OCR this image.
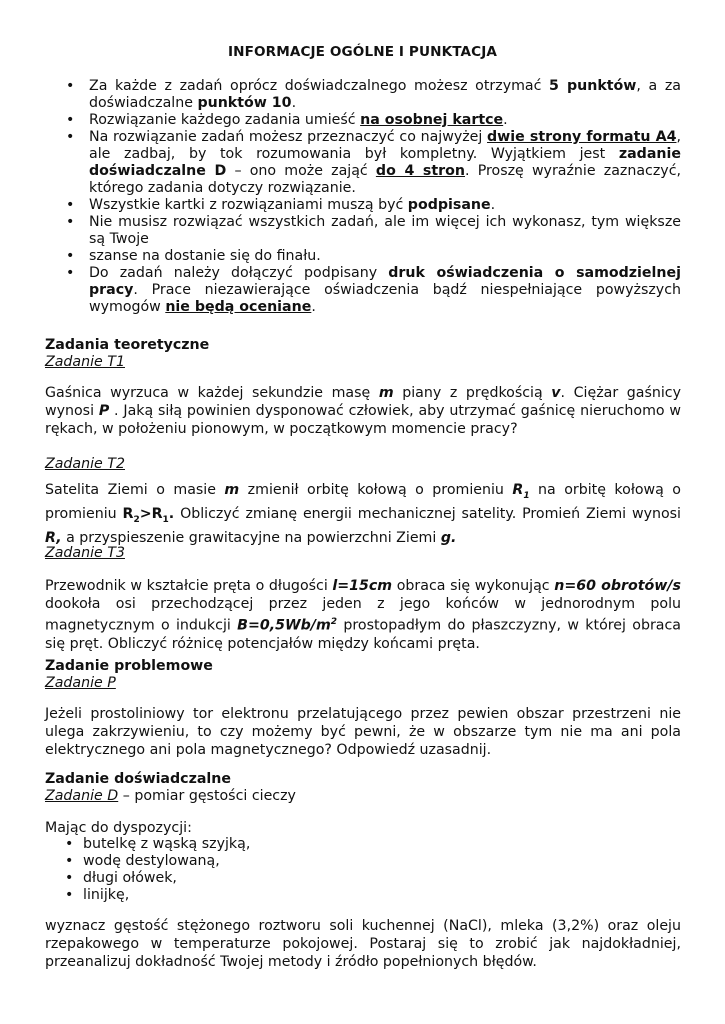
INFORMACJE OGÓLNE I PUNKTACJA
• Za każde z zadań oprócz doświadczalnego możesz otrzymać 5 punktów, a za doświadczalne punktów 10.
• Rozwiązanie każdego zadania umieść na osobnej kartce.
• Na rozwiązanie zadań możesz przeznaczyć co najwyżej dwie strony formatu A4, ale zadbaj, by tok rozumowania był kompletny. Wyjątkiem jest zadanie doświadczalne D – ono może zająć do 4 stron. Proszę wyraźnie zaznaczyć, którego zadania dotyczy rozwiązanie.
• Wszystkie kartki z rozwiązaniami muszą być podpisane.
• Nie musisz rozwiązać wszystkich zadań, ale im więcej ich wykonasz, tym większe są Twoje
• szanse na dostanie się do finału.
• Do zadań należy dołączyć podpisany druk oświadczenia o samodzielnej pracy. Prace niezawierające oświadczenia bądź niespełniające powyższych wymogów nie będą oceniane.
Zadania teoretyczne
Zadanie T1
Gaśnica wyrzuca w każdej sekundzie masę m piany z prędkością v. Ciężar gaśnicy wynosi P . Jaką siłą powinien dysponować człowiek, aby utrzymać gaśnicę nieruchomo w rękach, w położeniu pionowym, w początkowym momencie pracy?
Zadanie T2
Satelita Ziemi o masie m zmienił orbitę kołową o promieniu $R_1$ na orbitę kołową o promieniu $R_2>R_1$. Obliczyć zmianę energii mechanicznej satelity. Promień Ziemi wynosi R, a przyspieszenie grawitacyjne na powierzchni Ziemi g.
Zadanie T3
Przewodnik w kształcie pręta o długości l=15cm obraca się wykonując n=60 obrotów/s dookoła osi przechodzącej przez jeden z jego końców w jednorodnym polu magnetycznym o indukcji $B=0,5Wb/m^2$ prostopadłym do płaszczyzny, w której obraca się pręt. Obliczyć różnicę potencjałów między końcami pręta.
Zadanie problemowe
Zadanie P
Jeżeli prostoliniowy tor elektronu przelatującego przez pewien obszar przestrzeni nie ulega zakrzywieniu, to czy możemy być pewni, że w obszarze tym nie ma ani pola elektrycznego ani pola magnetycznego? Odpowiedź uzasadnij.
Zadanie doświadczalne
Zadanie D – pomiar gęstości cieczy
Mając do dyspozycji:
• butelkę z wąską szyjką,
• wodę destylowaną,
• długi ołówek,
• linijkę,
wyznacz gęstość stężonego roztworu soli kuchennej (NaCl), mleka (3,2%) oraz oleju rzepakowego w temperaturze pokojowej. Postaraj się to zrobić jak najdokładniej, przeanalizuj dokładność Twojej metody i źródło popełnionych błędów.
